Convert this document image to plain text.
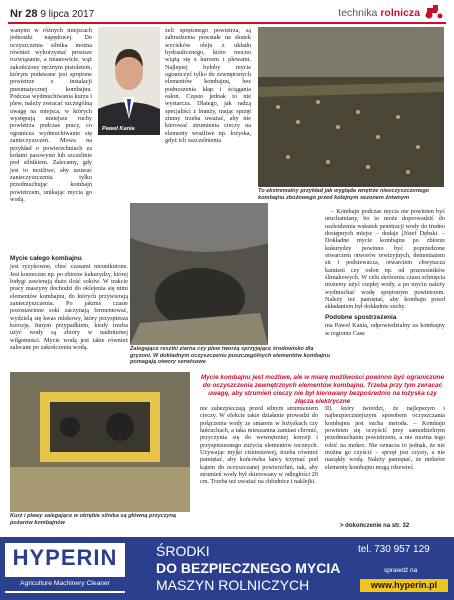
Nr 28 9 lipca 2017	technika rolnicza

wanymi w różnych miejscach jednostki napędowej. Do oczyszczenia silnika można również wykorzystać prostsze rozwiązanie, a mianowicie, wąż zakończony ręcznym pistoletem, którym podawane jest sprężone powietrze z instalacji pneumatycznej kombajnu. Podczas wydmuchiwania kurzu i plew, należy zwracać szczególną uwagę na miejsca, w których występują mniejsze ruchy powietrza podczas pracy, co ogranicza wydmuchiwanie się zanieczyszczeń. Mowa na przykład o powierzchniach za kołami pasowymi lub szczelinie pod silnikiem. Zalecamy, gdy jest to możliwe, aby usuwać zanieczyszczenia tylko przedmuchując kombajn powietrzem, unikając mycia go wodą.

Paweł Kania

Mycie całego kombajnu

jest ryzykowne, choć czasami nieuniknione. Jest konieczne np. po zbiorze kukurydzy, której łodygi zawierają dużo ilość soków. W trakcie pracy maszyny dochodzi do oklejenia się nimi elementów kombajnu, do których przywierają zanieczyszczenia. Po jakimś czasie pozostawione soki zaczynają fermentować, wydzielą się kwas mlekowy, który przyspiesza korozję. Innym przypadkiem, kiedy trzeba użyć wody są zbiory w nadmiernej wilgotności. Mycie wodą jest takie również zalecane po zakończeniu wodą.

zeli sprężonego powietrza, są zabrudzenia powstałe na skutek wycieków oleju z układu hydraulicznego, które mocno wiążą się z kurzem i plewami. Najlepiej byłoby mycie ograniczyć tylko do zewnętrznych elementów kombajnu, bez podnoszenia kłap i ściągania osłon. Często jednak to nie wystarcza. Dlatego, jak radzą specjaliści z branży, mając sprzęt zimny trzeba uważać, aby nie kierować strumienia cieczy na elementy wrażliwe np. łożyska, gdyż ich uszczelnienia

To ekstremalny przykład jak wygląda wnętrze nieoczyszczonego kombajnu zbożowego przed kolejnym sezonem żniwnym
Zalegające resztki ziarna czy plew tworzą sprzyjające środowisko dla gryzoni. W dokładnym oczyszczeniu poszczególnych elementów kombajnu pomagają otwory serwisowe

– Kombajn podczas mycia nie powinien być uruchamiany, bo to może doprowadzić do uszkodzenia wskutek penetracji wody do trudno dostępnych miejsc – dodaje [Józef Dębski. – Dokładne mycie kombajnu po zbiorze kukurydzy powinno być poprzedzone otwarciem otworów rewizyjnych, demontażem sit i podsiewacza, otwarciem chwytacza kamieni czy osłon np. od przenośników ślimakowych. W celu skrócenia czasu schnięcia możemy użyć ciepłej wody, a po myciu należy wydmuchać wodę sprężonym powietrzem. Należy też pamiętać, aby kombajn przed składaniem był dokładnie suchy.

Podobne spostrzeżenia

ma Paweł Kania, odpowiedzialny za kombajny w regionie Case

Mycie kombajnu jest możliwe, ale w miarę możliwości powinno być ograniczone do oczyszczenia zewnętrznych elementów kombajnu. Trzeba przy tym zwracać uwagę, aby strumień cieczy nie był kierowany bezpośrednio na łożyska czy złącza elektryczne
Kurz i plewy zalegające w obrębie silnika są główną przyczyną pożarów kombajnów

nie zabezpieczają przed silnym strumieniem cieczy. W efekcie takie działanie prowadzi do połączenia wody ze smarem w łożyskach czy łańcuchach, a taka mieszanina zamiast chronić, przyczynia się do wewnętrznej korozji i przyspieszonego zużycia elementów tocznych. Używając myjki ciśnieniowej, trzeba również pamiętać, aby końcówka lancy trzymać pod kątem do oczyszczanej powierzchni, tak, aby strumień wody był skierowany w odległości 20 cm. Trzeba też uważać na chłodnice i naklejki.

III, który twierdzi, że najlepszym i najbezpieczniejszym sposobem oczyszczania kombajnu jest sucha metoda. – Kombajn powinien się oczyścić przy samodzielnym przedmuchaniu powietrzem, a nie można tego robić na mokro. Nie oznacza to jednak, że nie można go czyścić – sprzęt jest czysty, a nie nasiąkły wodą. Należy pamiętać, że niektóre elementy kombajnu mogą rdzewieć.

> dokończenie na str. 32
HYPERIN
Agriculture Machinery Cleaner
ŚRODKI
DO BEZPIECZNEGO MYCIA
MASZYN ROLNICZYCH
tel. 730 957 129
sprawdź na
www.hyperin.pl
